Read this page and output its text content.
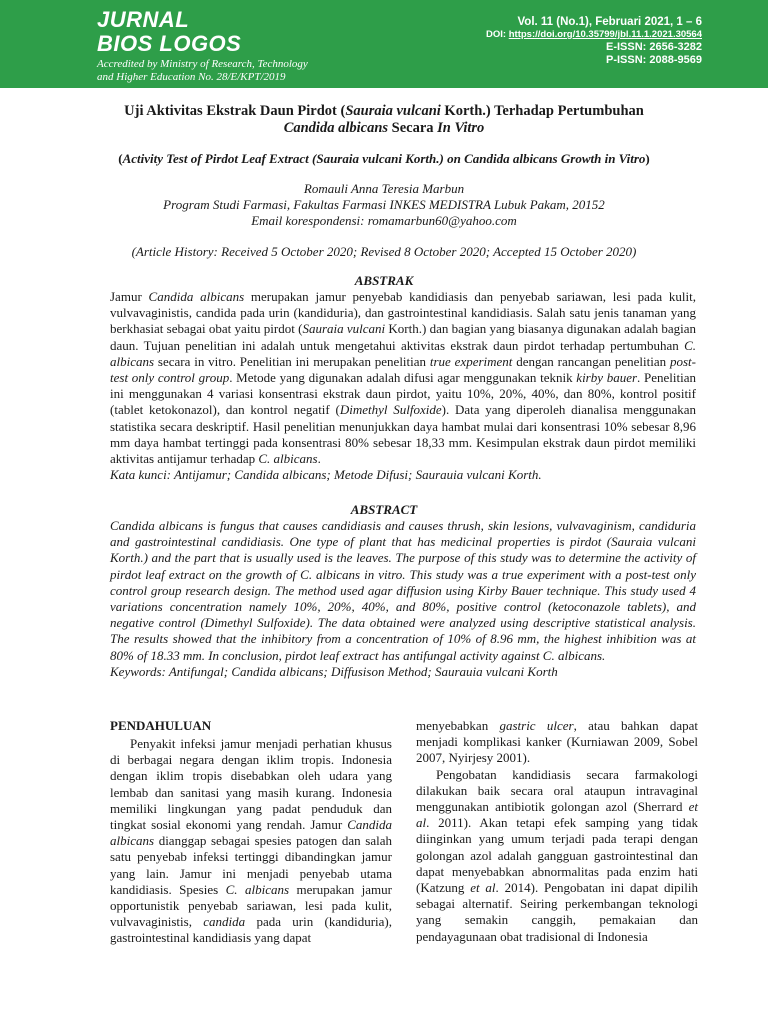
JURNAL
BIOS LOGOS
Accredited by Ministry of Research, Technology
and Higher Education No. 28/E/KPT/2019
Vol. 11 (No.1), Februari 2021, 1 – 6
DOI: https://doi.org/10.35799/jbl.11.1.2021.30564
E-ISSN: 2656-3282
P-ISSN: 2088-9569
Uji Aktivitas Ekstrak Daun Pirdot (Sauraia vulcani Korth.) Terhadap Pertumbuhan
Candida albicans Secara In Vitro
(Activity Test of Pirdot Leaf Extract (Sauraia vulcani Korth.) on Candida albicans Growth in Vitro)
Romauli Anna Teresia Marbun
Program Studi Farmasi, Fakultas Farmasi INKES MEDISTRA Lubuk Pakam, 20152
Email korespondensi: romamarbun60@yahoo.com
(Article History: Received 5 October 2020; Revised 8 October 2020; Accepted 15 October 2020)
ABSTRAK
Jamur Candida albicans merupakan jamur penyebab kandidiasis dan penyebab sariawan, lesi pada kulit, vulvavaginistis, candida pada urin (kandiduria), dan gastrointestinal kandidiasis. Salah satu jenis tanaman yang berkhasiat sebagai obat yaitu pirdot (Sauraia vulcani Korth.) dan bagian yang biasanya digunakan adalah bagian daun. Tujuan penelitian ini adalah untuk mengetahui aktivitas ekstrak daun pirdot terhadap pertumbuhan C. albicans secara in vitro. Penelitian ini merupakan penelitian true experiment dengan rancangan penelitian post-test only control group. Metode yang digunakan adalah difusi agar menggunakan teknik kirby bauer. Penelitian ini menggunakan 4 variasi konsentrasi ekstrak daun pirdot, yaitu 10%, 20%, 40%, dan 80%, kontrol positif (tablet ketokonazol), dan kontrol negatif (Dimethyl Sulfoxide). Data yang diperoleh dianalisa menggunakan statistika secara deskriptif. Hasil penelitian menunjukkan daya hambat mulai dari konsentrasi 10% sebesar 8,96 mm daya hambat tertinggi pada konsentrasi 80% sebesar 18,33 mm. Kesimpulan ekstrak daun pirdot memiliki aktivitas antijamur terhadap C. albicans.
Kata kunci: Antijamur; Candida albicans; Metode Difusi; Saurauia vulcani Korth.
ABSTRACT
Candida albicans is fungus that causes candidiasis and causes thrush, skin lesions, vulvavaginism, candiduria and gastrointestinal candidiasis. One type of plant that has medicinal properties is pirdot (Sauraia vulcani Korth.) and the part that is usually used is the leaves. The purpose of this study was to determine the activity of pirdot leaf extract on the growth of C. albicans in vitro. This study was a true experiment with a post-test only control group research design. The method used agar diffusion using Kirby Bauer technique. This study used 4 variations concentration namely 10%, 20%, 40%, and 80%, positive control (ketoconazole tablets), and negative control (Dimethyl Sulfoxide). The data obtained were analyzed using descriptive statistical analysis. The results showed that the inhibitory from a concentration of 10% of 8.96 mm, the highest inhibition was at 80% of 18.33 mm. In conclusion, pirdot leaf extract has antifungal activity against C. albicans.
Keywords: Antifungal; Candida albicans; Diffusison Method; Saurauia vulcani Korth
PENDAHULUAN

Penyakit infeksi jamur menjadi perhatian khusus di berbagai negara dengan iklim tropis. Indonesia dengan iklim tropis disebabkan oleh udara yang lembab dan sanitasi yang masih kurang. Indonesia memiliki lingkungan yang padat penduduk dan tingkat sosial ekonomi yang rendah. Jamur Candida albicans dianggap sebagai spesies patogen dan salah satu penyebab infeksi tertinggi dibandingkan jamur yang lain. Jamur ini menjadi penyebab utama kandidiasis. Spesies C. albicans merupakan jamur opportunistik penyebab sariawan, lesi pada kulit, vulvavaginistis, candida pada urin (kandiduria), gastrointestinal kandidiasis yang dapat

menyebabkan gastric ulcer, atau bahkan dapat menjadi komplikasi kanker (Kurniawan 2009, Sobel 2007, Nyirjesy 2001).

Pengobatan kandidiasis secara farmakologi dilakukan baik secara oral ataupun intravaginal menggunakan antibiotik golongan azol (Sherrard et al. 2011). Akan tetapi efek samping yang tidak diinginkan yang umum terjadi pada terapi dengan golongan azol adalah gangguan gastrointestinal dan dapat menyebabkan abnormalitas pada enzim hati (Katzung et al. 2014). Pengobatan ini dapat dipilih sebagai alternatif. Seiring perkembangan teknologi yang semakin canggih, pemakaian dan pendayagunaan obat tradisional di Indonesia
